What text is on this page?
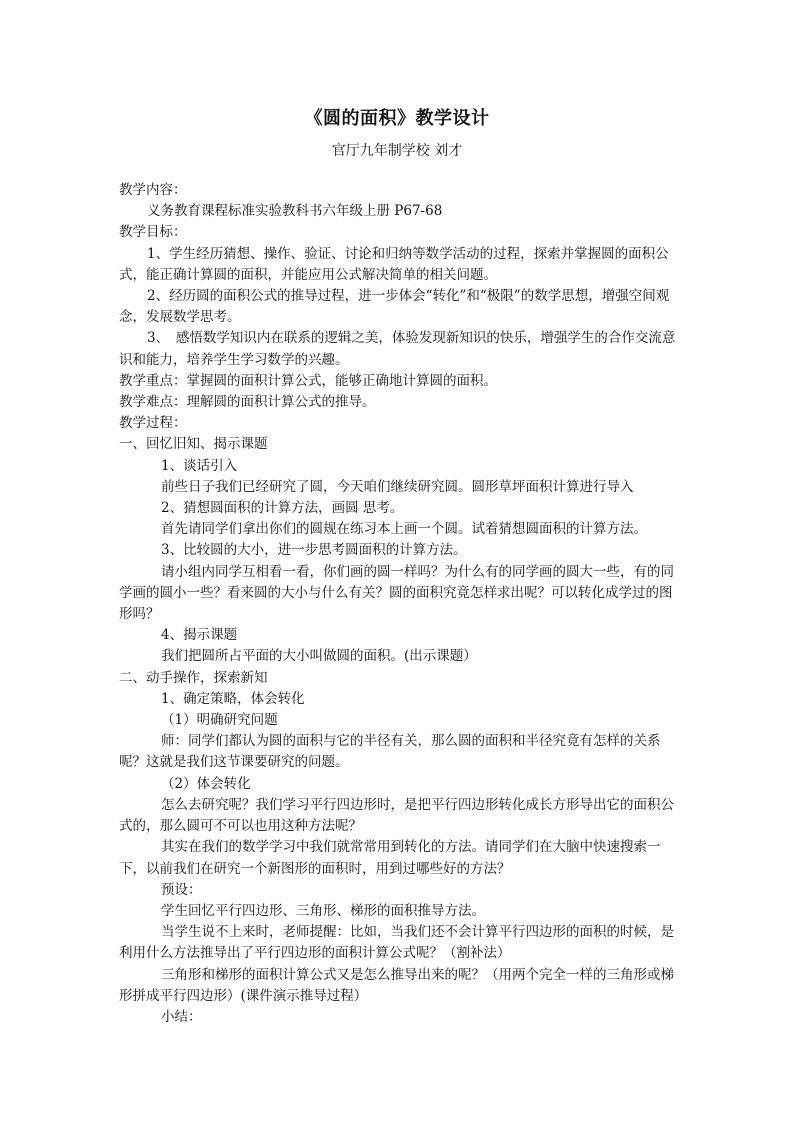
《圆的面积》教学设计
官厅九年制学校 刘才

教学内容：

义务教育课程标准实验教科书六年级上册 P67-68

教学目标：

1、学生经历猜想、操作、验证、讨论和归纳等数学活动的过程，探索并掌握圆的面积公式，能正确计算圆的面积，并能应用公式解决简单的相关问题。

2、经历圆的面积公式的推导过程，进一步体会“转化”和“极限”的数学思想，增强空间观念，发展数学思考。

3、　感悟数学知识内在联系的逻辑之美，体验发现新知识的快乐，增强学生的合作交流意识和能力，培养学生学习数学的兴趣。

教学重点：掌握圆的面积计算公式，能够正确地计算圆的面积。

教学难点：理解圆的面积计算公式的推导。

教学过程：

一、回忆旧知、揭示课题

1、谈话引入

前些日子我们已经研究了圆，今天咱们继续研究圆。圆形草坪面积计算进行导入

2、猜想圆面积的计算方法，画圆 思考。

首先请同学们拿出你们的圆规在练习本上画一个圆。试着猜想圆面积的计算方法。

3、比较圆的大小，进一步思考圆面积的计算方法。

请小组内同学互相看一看，你们画的圆一样吗？为什么有的同学画的圆大一些，有的同学画的圆小一些？看来圆的大小与什么有关？圆的面积究竟怎样求出呢？可以转化成学过的图形吗？

4、揭示课题

我们把圆所占平面的大小叫做圆的面积。(出示课题）

二、动手操作，探索新知

1、确定策略，体会转化

（1）明确研究问题

师：同学们都认为圆的面积与它的半径有关，那么圆的面积和半径究竟有怎样的关系呢？这就是我们这节课要研究的问题。

（2）体会转化

怎么去研究呢？我们学习平行四边形时，是把平行四边形转化成长方形导出它的面积公式的，那么圆可不可以也用这种方法呢？

其实在我们的数学学习中我们就常常用到转化的方法。请同学们在大脑中快速搜索一下，以前我们在研究一个新图形的面积时，用到过哪些好的方法？

预设：

学生回忆平行四边形、三角形、梯形的面积推导方法。

当学生说不上来时，老师提醒：比如，当我们还不会计算平行四边形的面积的时候，是利用什么方法推导出了平行四边形的面积计算公式呢？（割补法）

三角形和梯形的面积计算公式又是怎么推导出来的呢？（用两个完全一样的三角形或梯形拼成平行四边形）(课件演示推导过程）

小结：
